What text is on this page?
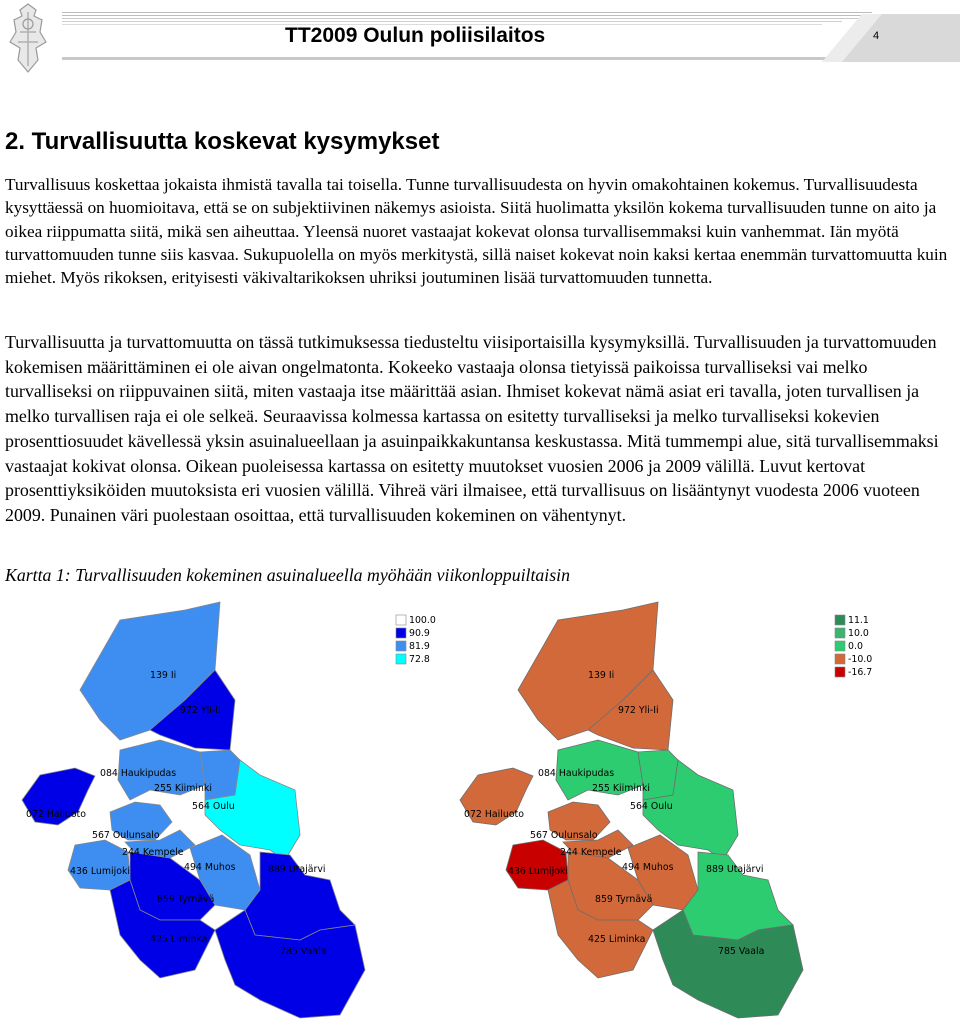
TT2009 Oulun poliisilaitos	4
2. Turvallisuutta koskevat kysymykset

Turvallisuus koskettaa jokaista ihmistä tavalla tai toisella. Tunne turvallisuudesta on hyvin omakohtainen kokemus. Turvallisuudesta kysyttäessä on huomioitava, että se on subjektiivinen näkemys asioista. Siitä huolimatta yksilön kokema turvallisuuden tunne on aito ja oikea riippumatta siitä, mikä sen aiheuttaa. Yleensä nuoret vastaajat kokevat olonsa turvallisemmaksi kuin vanhemmat. Iän myötä turvattomuuden tunne siis kasvaa. Sukupuolella on myös merkitystä, sillä naiset kokevat noin kaksi kertaa enemmän turvattomuutta kuin miehet. Myös rikoksen, erityisesti väkivaltarikoksen uhriksi joutuminen lisää turvattomuuden tunnetta.

Turvallisuutta ja turvattomuutta on tässä tutkimuksessa tiedusteltu viisiportaisilla kysymyksillä. Turvallisuuden ja turvattomuuden kokemisen määrittäminen ei ole aivan ongelmatonta. Kokeeko vastaaja olonsa tietyissä paikoissa turvalliseksi vai melko turvalliseksi on riippuvainen siitä, miten vastaaja itse määrittää asian. Ihmiset kokevat nämä asiat eri tavalla, joten turvallisen ja melko turvallisen raja ei ole selkeä. Seuraavissa kolmessa kartassa on esitetty turvalliseksi ja melko turvalliseksi kokevien prosenttiosuudet kävellessä yksin asuinalueellaan ja asuinpaikkakuntansa keskustassa. Mitä tummempi alue, sitä turvallisemmaksi vastaajat kokivat olonsa. Oikean puoleisessa kartassa on esitetty muutokset vuosien 2006 ja 2009 välillä. Luvut kertovat prosenttiyksiköiden muutoksista eri vuosien välillä. Vihreä väri ilmaisee, että turvallisuus on lisääntynyt vuodesta 2006 vuoteen 2009. Punainen väri puolestaan osoittaa, että turvallisuuden kokeminen on vähentynyt.

Kartta 1: Turvallisuuden kokeminen asuinalueella myöhään viikonloppuiltaisin

139 Ii
972 Yli-Ii
084 Haukipudas
255 Kiiminki
564 Oulu
072 Hailuoto
567 Oulunsalo
244 Kempele
436 Lumijoki	494 Muhos	889 Utajärvi
859 Tyrnävä
425 Liminka
785 Vaala
100.0
90.9
81.9
72.8
139 Ii
972 Yli-Ii
084 Haukipudas
255 Kiiminki
564 Oulu
072 Hailuoto
567 Oulunsalo
244 Kempele
436 Lumijoki	494 Muhos	889 Utajärvi
859 Tyrnävä
425 Liminka
785 Vaala
11.1
10.0
0.0
-10.0
-16.7
